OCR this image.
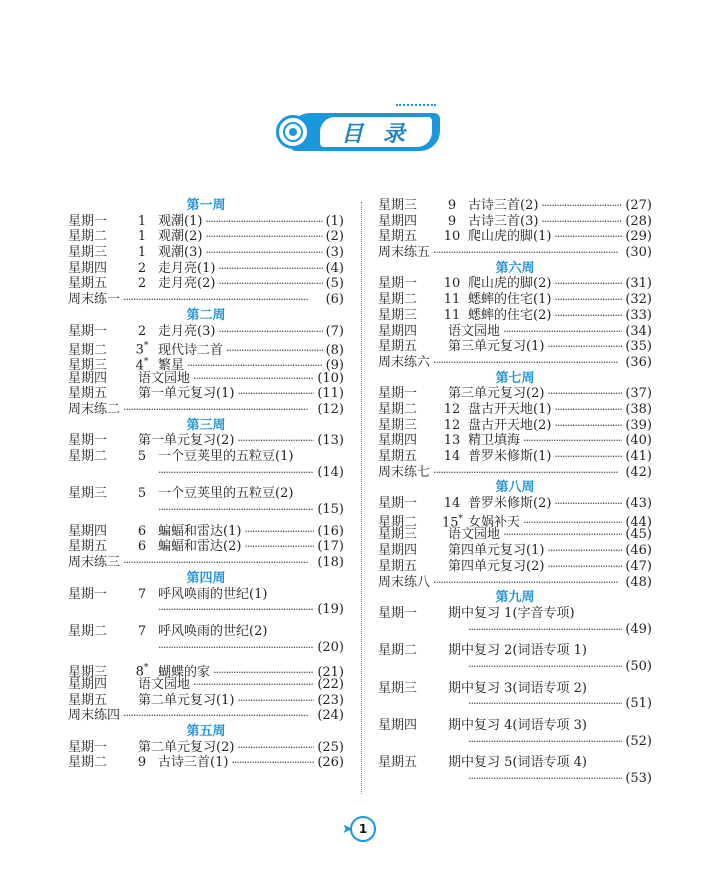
目 录
第一周
星期一	1 观潮(1) ·····	(1)
星期二	1 观潮(2) ·····	(2)
星期三	1 观潮(3) ·····	(3)
星期四	2 走月亮(1) ·····	(4)
星期五	2 走月亮(2) ·····	(5)
周末练一 ·····	(6)
第二周
星期一	2 走月亮(3) ·····	(7)
星期二	3* 现代诗二首 ·····	(8)
星期三	4* 繁星 ·····	(9)
星期四	语文园地 ·····	(10)
星期五	第一单元复习(1) ·····	(11)
周末练二 ·····	(12)
第三周
星期一	第一单元复习(2) ·····	(13)
星期二	5 一个豆荚里的五粒豆(1)
·····
(14)
星期三	5 一个豆荚里的五粒豆(2)
·····
(15)
星期四	6 蝙蝠和雷达(1) ·····	(16)
星期五	6 蝙蝠和雷达(2) ·····	(17)
周末练三 ·····	(18)
第四周
星期一	7 呼风唤雨的世纪(1)
·····
(19)
星期二	7 呼风唤雨的世纪(2)
·····
(20)
星期三	8* 蝴蝶的家 ·····	(21)
星期四	语文园地 ·····	(22)
星期五	第二单元复习(1) ·····	(23)
周末练四 ·····	(24)
第五周
星期一	第二单元复习(2) ·····	(25)
星期二	9 古诗三首(1) ·····	(26)
星期三	9 古诗三首(2) ·····	(27)
星期四	9 古诗三首(3) ·····	(28)
星期五	10 爬山虎的脚(1) ·····	(29)
周末练五 ·····	(30)
第六周
星期一	10 爬山虎的脚(2) ·····	(31)
星期二	11 蟋蟀的住宅(1) ·····	(32)
星期三	11 蟋蟀的住宅(2) ·····	(33)
星期四	语文园地 ·····	(34)
星期五	第三单元复习(1) ·····	(35)
周末练六 ·····	(36)
第七周
星期一	第三单元复习(2) ·····	(37)
星期二	12 盘古开天地(1) ·····	(38)
星期三	12 盘古开天地(2) ·····	(39)
星期四	13 精卫填海 ·····	(40)
星期五	14 普罗米修斯(1) ·····	(41)
周末练七 ·····	(42)
第八周
星期一	14 普罗米修斯(2) ·····	(43)
星期二	15* 女娲补天 ·····	(44)
星期三	语文园地 ·····	(45)
星期四	第四单元复习(1) ·····	(46)
星期五	第四单元复习(2) ·····	(47)
周末练八 ·····	(48)
第九周
星期一	期中复习 1(字音专项)
·····
(49)
星期二	期中复习 2(词语专项 1)
·····
(50)
星期三	期中复习 3(词语专项 2)
·····
(51)
星期四	期中复习 4(词语专项 3)
·····
(52)
星期五	期中复习 5(词语专项 4)
·····
(53)
➤ 1
